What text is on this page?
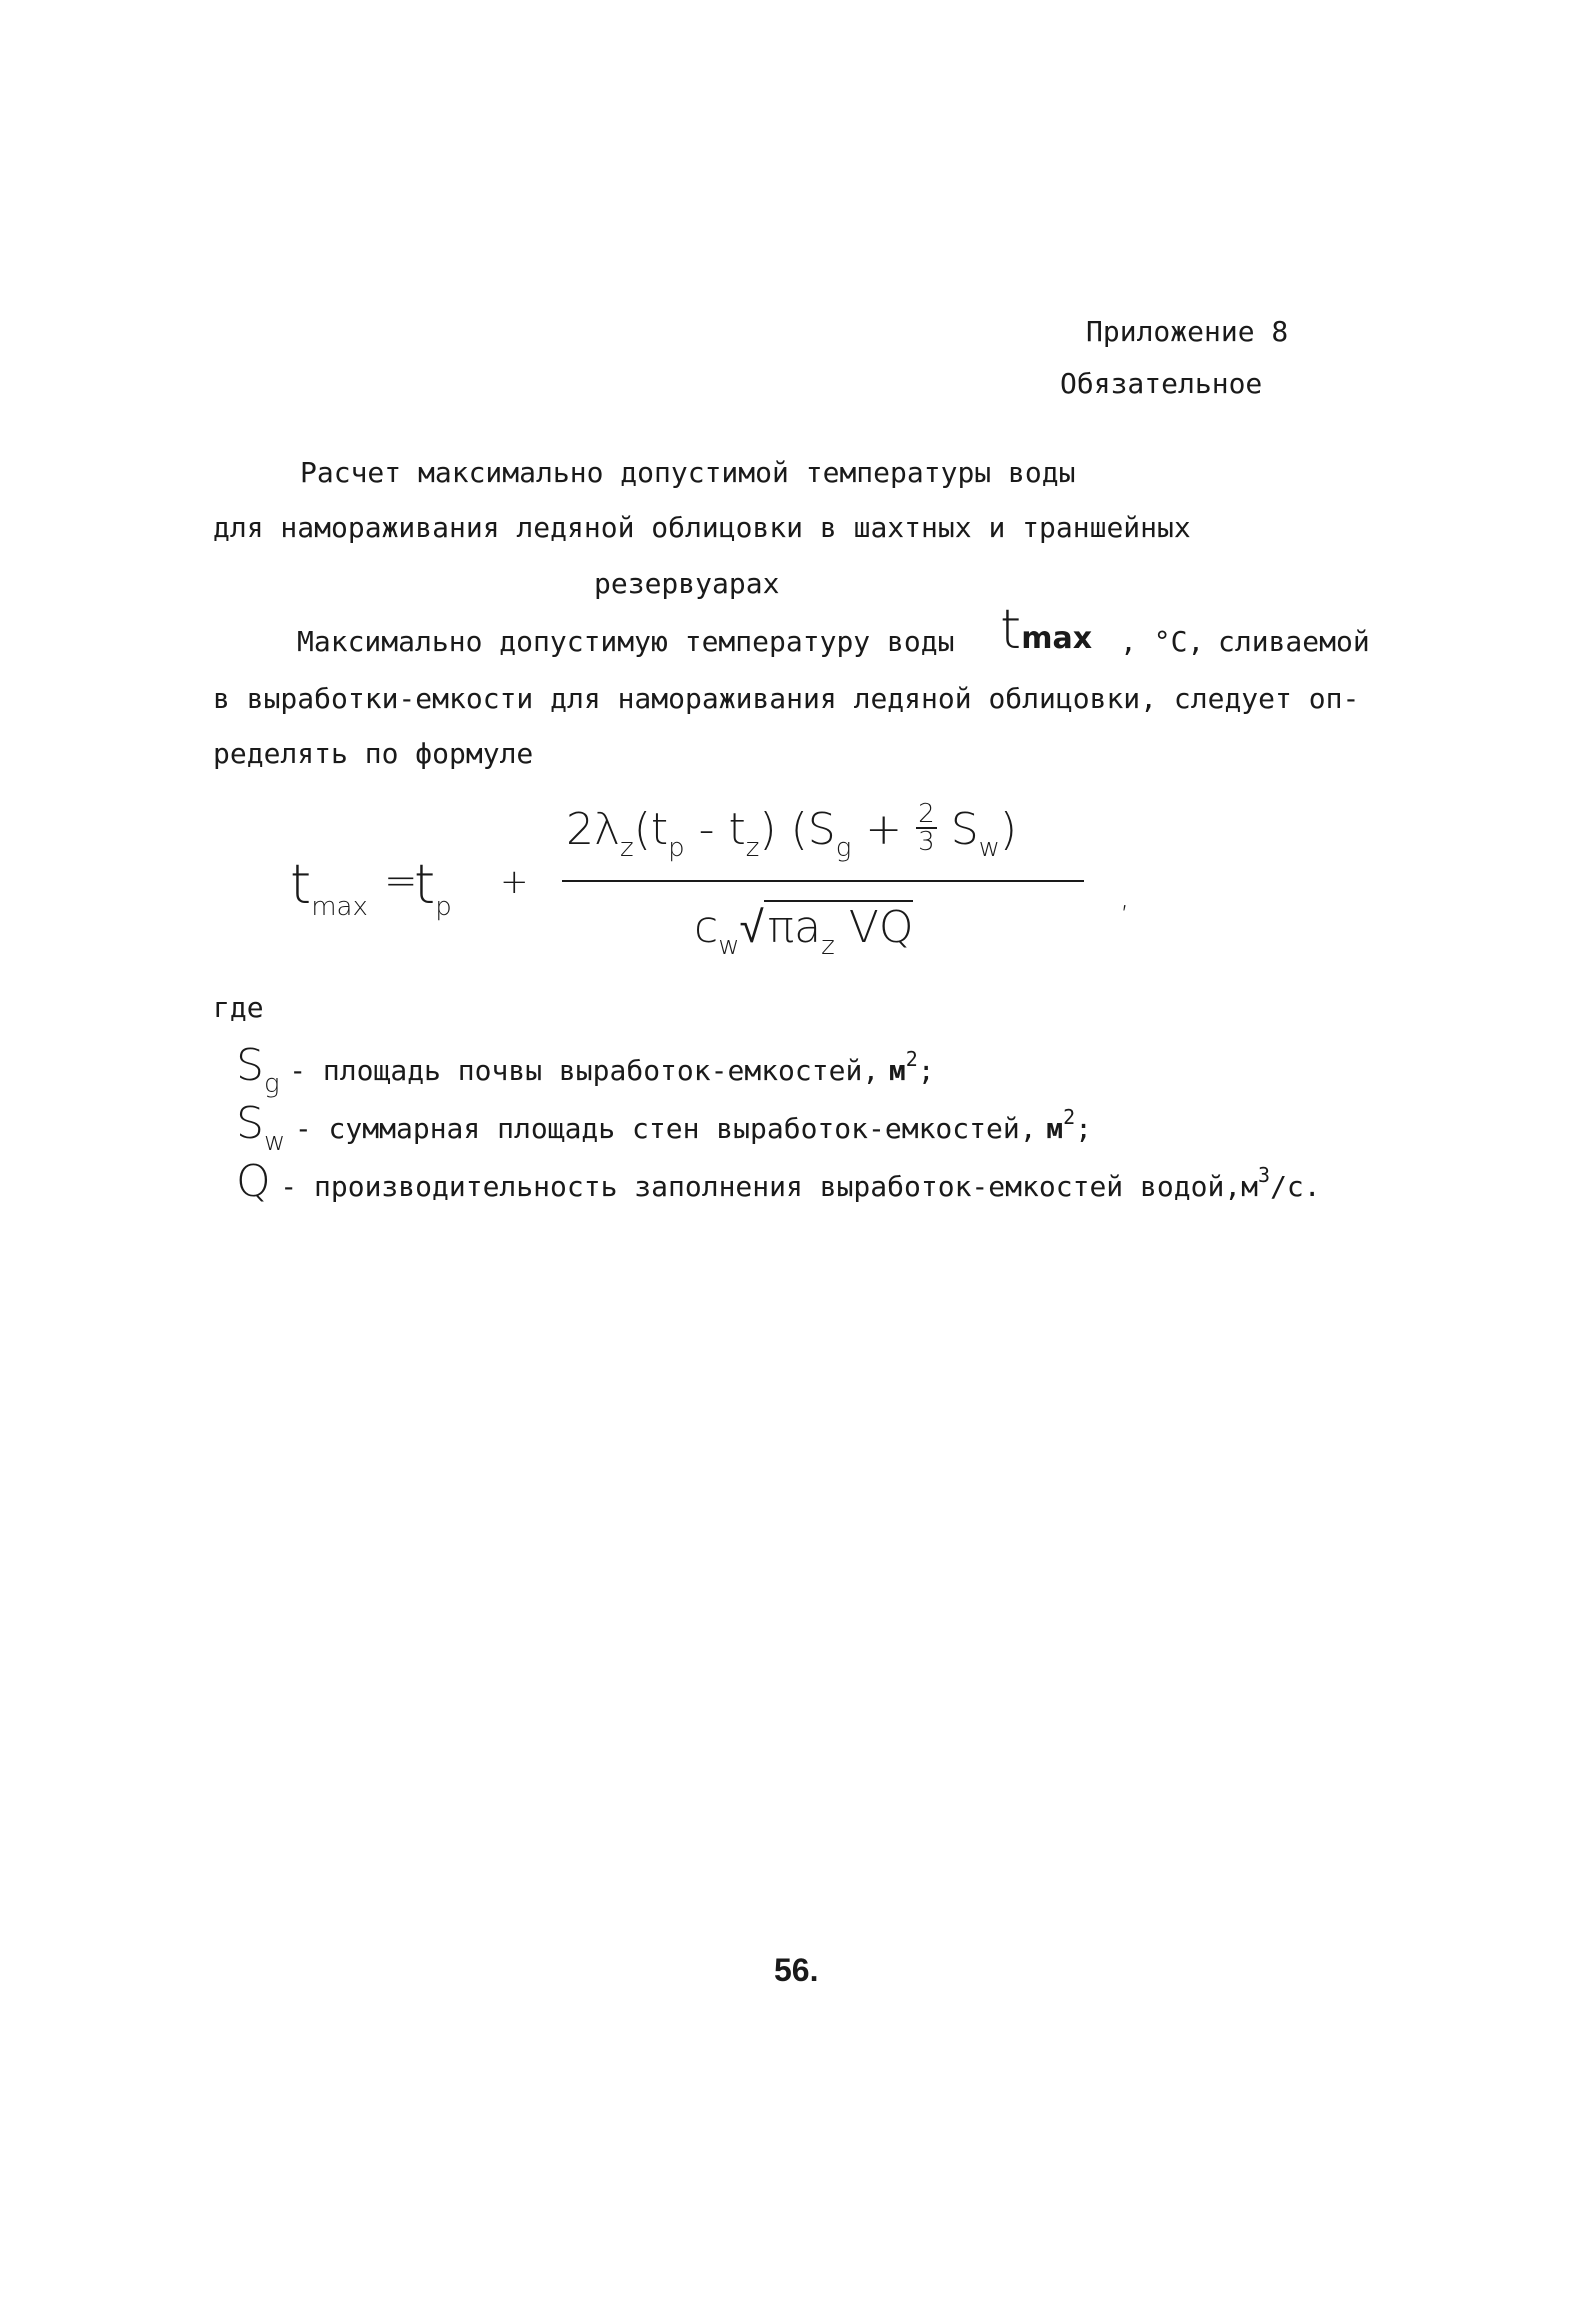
Приложение 8
Обязательное
Расчет максимально допустимой температуры воды
для намораживания ледяной облицовки в шахтных и траншейных
резервуарах
Максимально допустимую температуру воды tmax , °C, сливаемой
в выработки-емкости для намораживания ледяной облицовки, следует оп-
ределять по формуле
tmax
=
tр
+
$2\lambda_z(t_р - t_z) (S_g + \frac{2}{3} S_w)$
$c_w√\pi a_z$ VQ
,
где
Sg - площадь почвы выработок-емкостей, м2;
Sw - суммарная площадь стен выработок-емкостей, м2;
Q - производительность заполнения выработок-емкостей водой,м3/с.
56.
